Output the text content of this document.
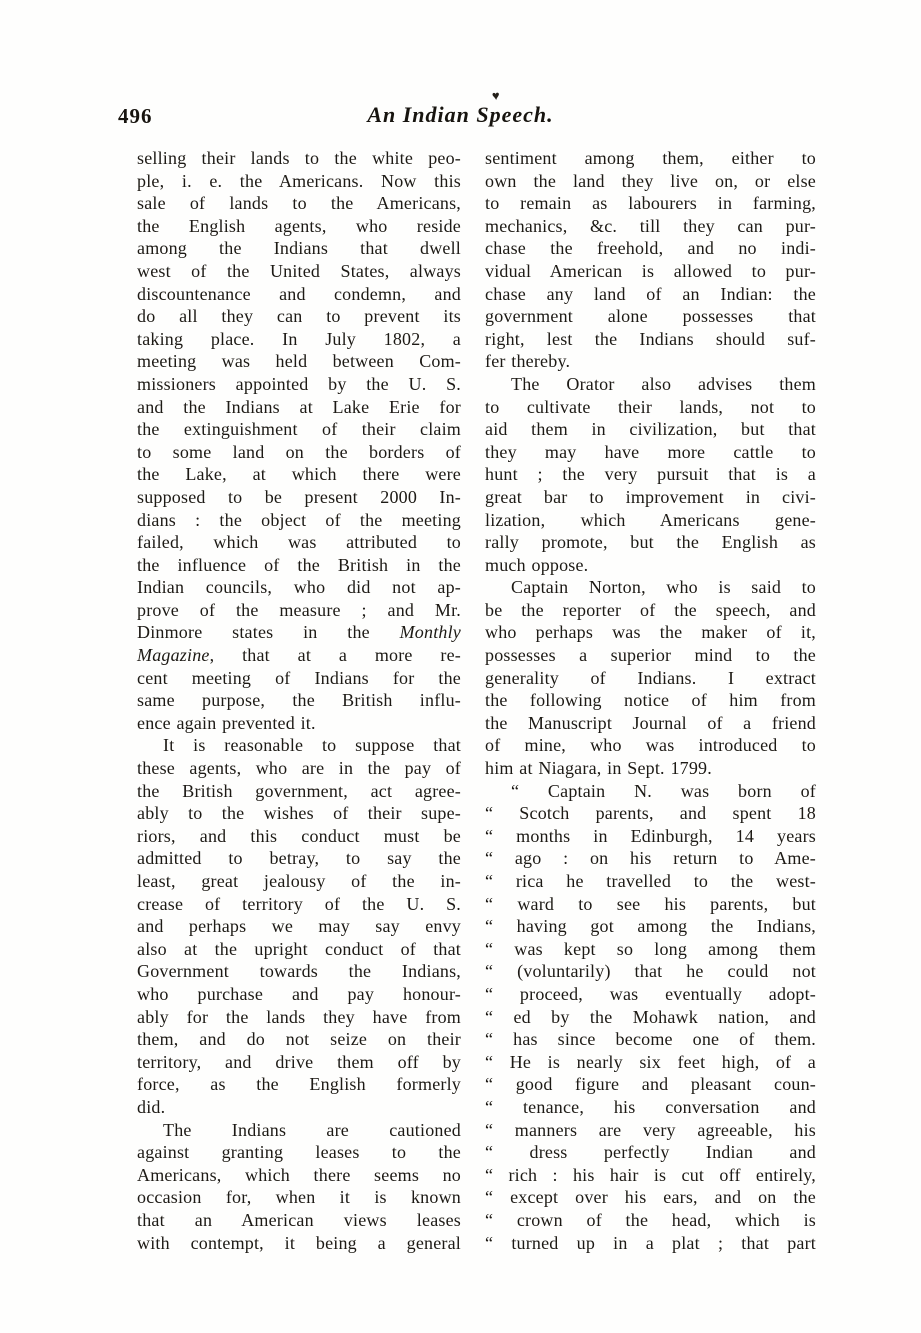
♥
496	An Indian Speech.
selling their lands to the white peo-
ple, i. e. the Americans. Now this
sale of lands to the Americans,
the English agents, who reside
among the Indians that dwell
west of the United States, always
discountenance and condemn, and
do all they can to prevent its
taking place. In July 1802, a
meeting was held between Com-
missioners appointed by the U. S.
and the Indians at Lake Erie for
the extinguishment of their claim
to some land on the borders of
the Lake, at which there were
supposed to be present 2000 In-
dians : the object of the meeting
failed, which was attributed to
the influence of the British in the
Indian councils, who did not ap-
prove of the measure ; and Mr.
Dinmore states in the Monthly
Magazine, that at a more re-
cent meeting of Indians for the
same purpose, the British influ-
ence again prevented it.
It is reasonable to suppose that
these agents, who are in the pay of
the British government, act agree-
ably to the wishes of their supe-
riors, and this conduct must be
admitted to betray, to say the
least, great jealousy of the in-
crease of territory of the U. S.
and perhaps we may say envy
also at the upright conduct of that
Government towards the Indians,
who purchase and pay honour-
ably for the lands they have from
them, and do not seize on their
territory, and drive them off by
force, as the English formerly
did.
The Indians are cautioned
against granting leases to the
Americans, which there seems no
occasion for, when it is known
that an American views leases
with contempt, it being a general
sentiment among them, either to
own the land they live on, or else
to remain as labourers in farming,
mechanics, &c. till they can pur-
chase the freehold, and no indi-
vidual American is allowed to pur-
chase any land of an Indian: the
government alone possesses that
right, lest the Indians should suf-
fer thereby.
The Orator also advises them
to cultivate their lands, not to
aid them in civilization, but that
they may have more cattle to
hunt ; the very pursuit that is a
great bar to improvement in civi-
lization, which Americans gene-
rally promote, but the English as
much oppose.
Captain Norton, who is said to
be the reporter of the speech, and
who perhaps was the maker of it,
possesses a superior mind to the
generality of Indians. I extract
the following notice of him from
the Manuscript Journal of a friend
of mine, who was introduced to
him at Niagara, in Sept. 1799.
“ Captain N. was born of
“ Scotch parents, and spent 18
“ months in Edinburgh, 14 years
“ ago : on his return to Ame-
“ rica he travelled to the west-
“ ward to see his parents, but
“ having got among the Indians,
“ was kept so long among them
“ (voluntarily) that he could not
“ proceed, was eventually adopt-
“ ed by the Mohawk nation, and
“ has since become one of them.
“ He is nearly six feet high, of a
“ good figure and pleasant coun-
“ tenance, his conversation and
“ manners are very agreeable, his
“ dress perfectly Indian and
“ rich : his hair is cut off entirely,
“ except over his ears, and on the
“ crown of the head, which is
“ turned up in a plat ; that part
